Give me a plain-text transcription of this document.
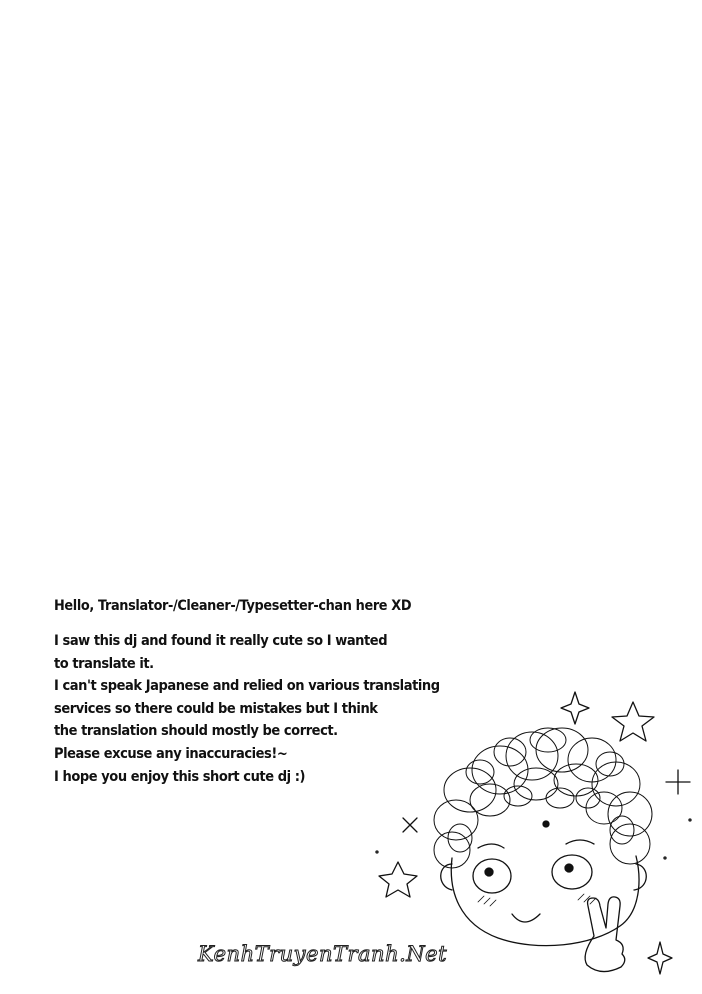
Hello, Translator-/Cleaner-/Typesetter-chan here XD

I saw this dj and found it really cute so I wanted

to translate it.

I can't speak Japanese and relied on various translating

services so there could be mistakes but I think

the translation should mostly be correct.

Please excuse any inaccuracies!~

I hope you enjoy this short cute dj :)

KenhTruyenTranh.Net
